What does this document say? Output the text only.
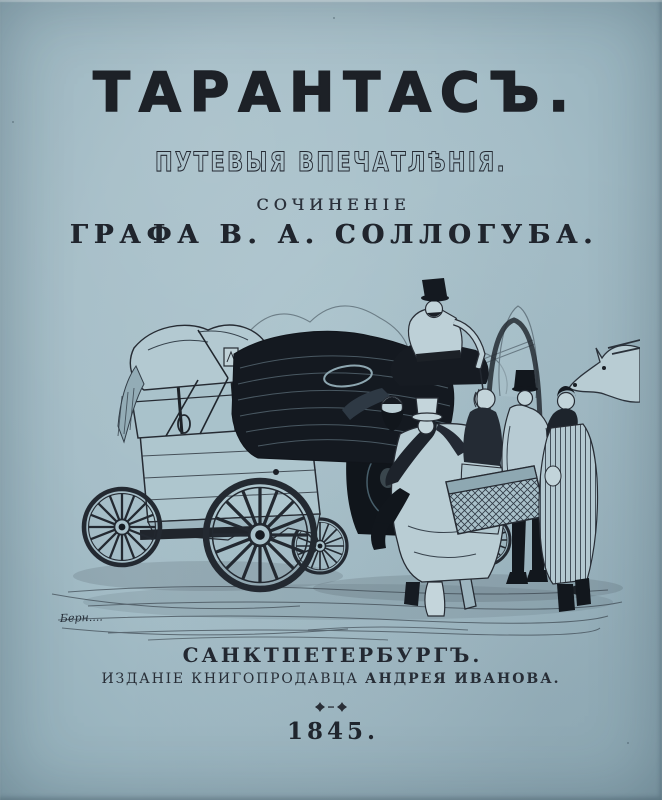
ТАРАНТАСЪ.
ПУТЕВЫЯ ВПЕЧАТЛѢНІЯ.
СОЧИНЕНІЕ
ГРАФА В. А. СОЛЛОГУБА.
Берн....
САНКТПЕТЕРБУРГЪ.
ИЗДАНІЕ КНИГОПРОДАВЦА АНДРЕЯ ИВАНОВА.
1845.
